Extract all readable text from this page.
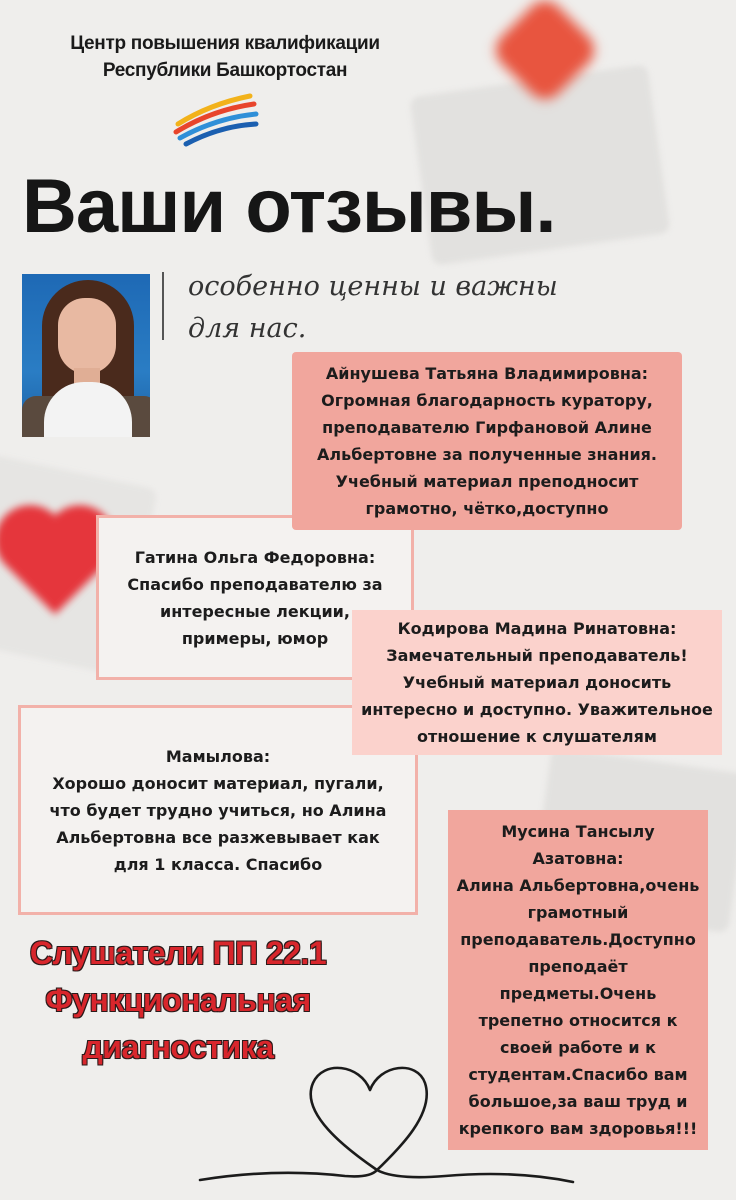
Центр повышения квалификации
Республики Башкортостан
Ваши отзывы.
особенно ценны и важны
для нас.
Гатина Ольга Федоровна:
Спасибо преподавателю за
интересные лекции,
примеры, юмор
Айнушева Татьяна Владимировна:
Огромная благодарность куратору,
преподавателю Гирфановой Алине
Альбертовне за полученные знания.
Учебный материал преподносит
грамотно, чётко,доступно
Мамылова:
Хорошо доносит материал, пугали,
что будет трудно учиться, но Алина
Альбертовна все разжевывает как
для 1 класса. Спасибо
Кодирова Мадина Ринатовна:
Замечательный преподаватель!
Учебный материал доносить
интересно и доступно. Уважительное
отношение к слушателям
Мусина Тансылу
Азатовна:
Алина Альбертовна,очень
грамотный
преподаватель.Доступно
преподаёт
предметы.Очень
трепетно относится к
своей работе и к
студентам.Спасибо вам
большое,за ваш труд и
крепкого вам здоровья!!!
Слушатели ПП 22.1
Функциональная
диагностика
